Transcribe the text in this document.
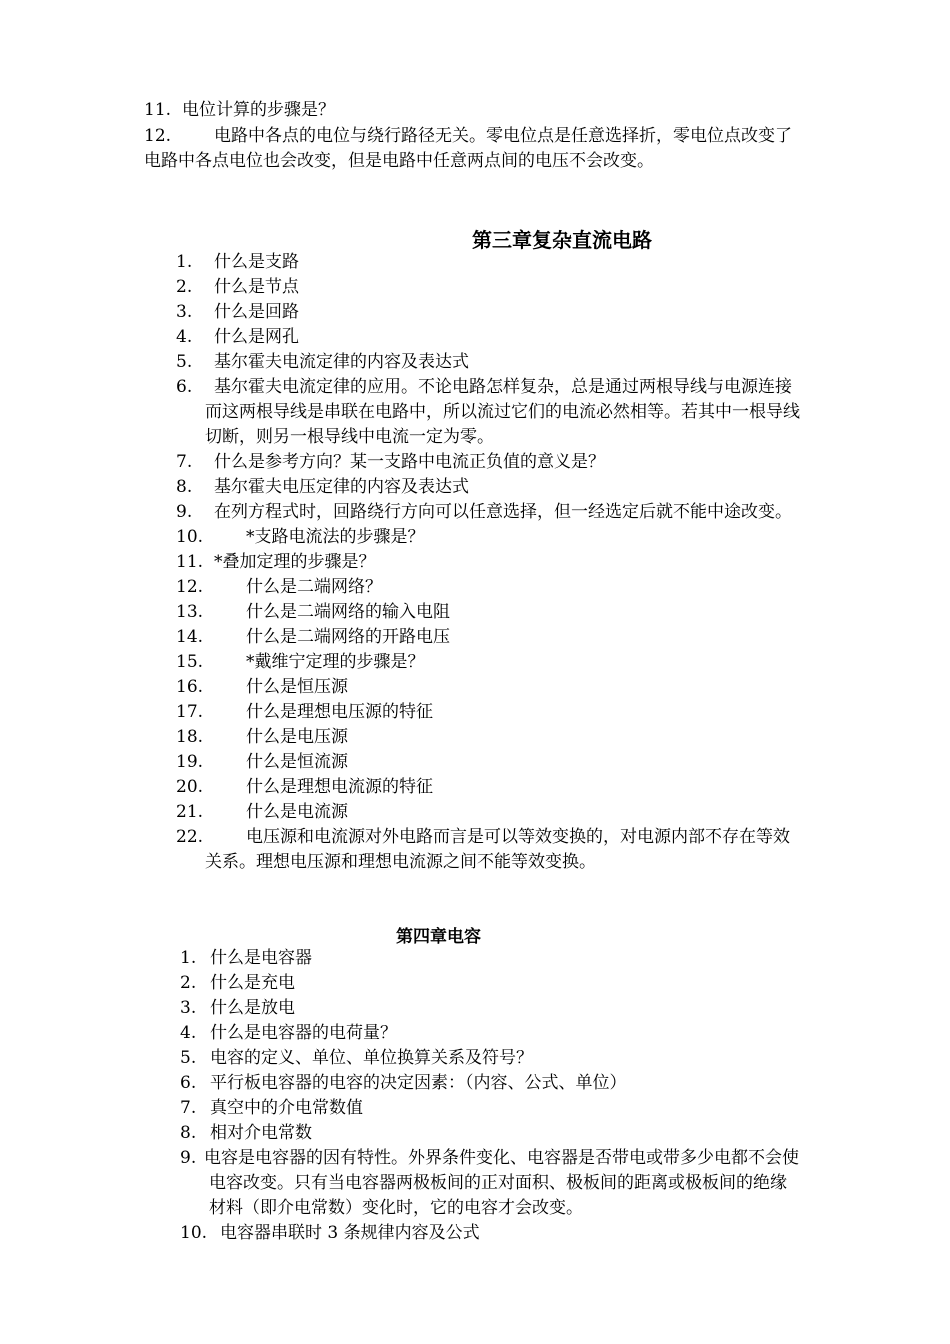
11. 电位计算的步骤是？
12.	电路中各点的电位与绕行路径无关。零电位点是任意选择折，零电位点改变了
电路中各点电位也会改变，但是电路中任意两点间的电压不会改变。
第三章复杂直流电路
1. 什么是支路
2. 什么是节点
3. 什么是回路
4. 什么是网孔
5. 基尔霍夫电流定律的内容及表达式
6. 基尔霍夫电流定律的应用。不论电路怎样复杂，总是通过两根导线与电源连接
而这两根导线是串联在电路中，所以流过它们的电流必然相等。若其中一根导线
切断，则另一根导线中电流一定为零。
7. 什么是参考方向？某一支路中电流正负值的意义是？
8. 基尔霍夫电压定律的内容及表达式
9. 在列方程式时，回路绕行方向可以任意选择，但一经选定后就不能中途改变。
10.	*支路电流法的步骤是？
11. *叠加定理的步骤是？
12.	什么是二端网络？
13.	什么是二端网络的输入电阻
14.	什么是二端网络的开路电压
15.	*戴维宁定理的步骤是？
16.	什么是恒压源
17.	什么是理想电压源的特征
18.	什么是电压源
19.	什么是恒流源
20.	什么是理想电流源的特征
21.	什么是电流源
22.	电压源和电流源对外电路而言是可以等效变换的，对电源内部不存在等效
关系。理想电压源和理想电流源之间不能等效变换。
第四章电容
1. 什么是电容器
2. 什么是充电
3. 什么是放电
4. 什么是电容器的电荷量？
5. 电容的定义、单位、单位换算关系及符号？
6. 平行板电容器的电容的决定因素：（内容、公式、单位）
7. 真空中的介电常数值
8. 相对介电常数
9. 电容是电容器的因有特性。外界条件变化、电容器是否带电或带多少电都不会使
电容改变。只有当电容器两极板间的正对面积、极板间的距离或极板间的绝缘
材料（即介电常数）变化时，它的电容才会改变。
10. 电容器串联时 3 条规律内容及公式
